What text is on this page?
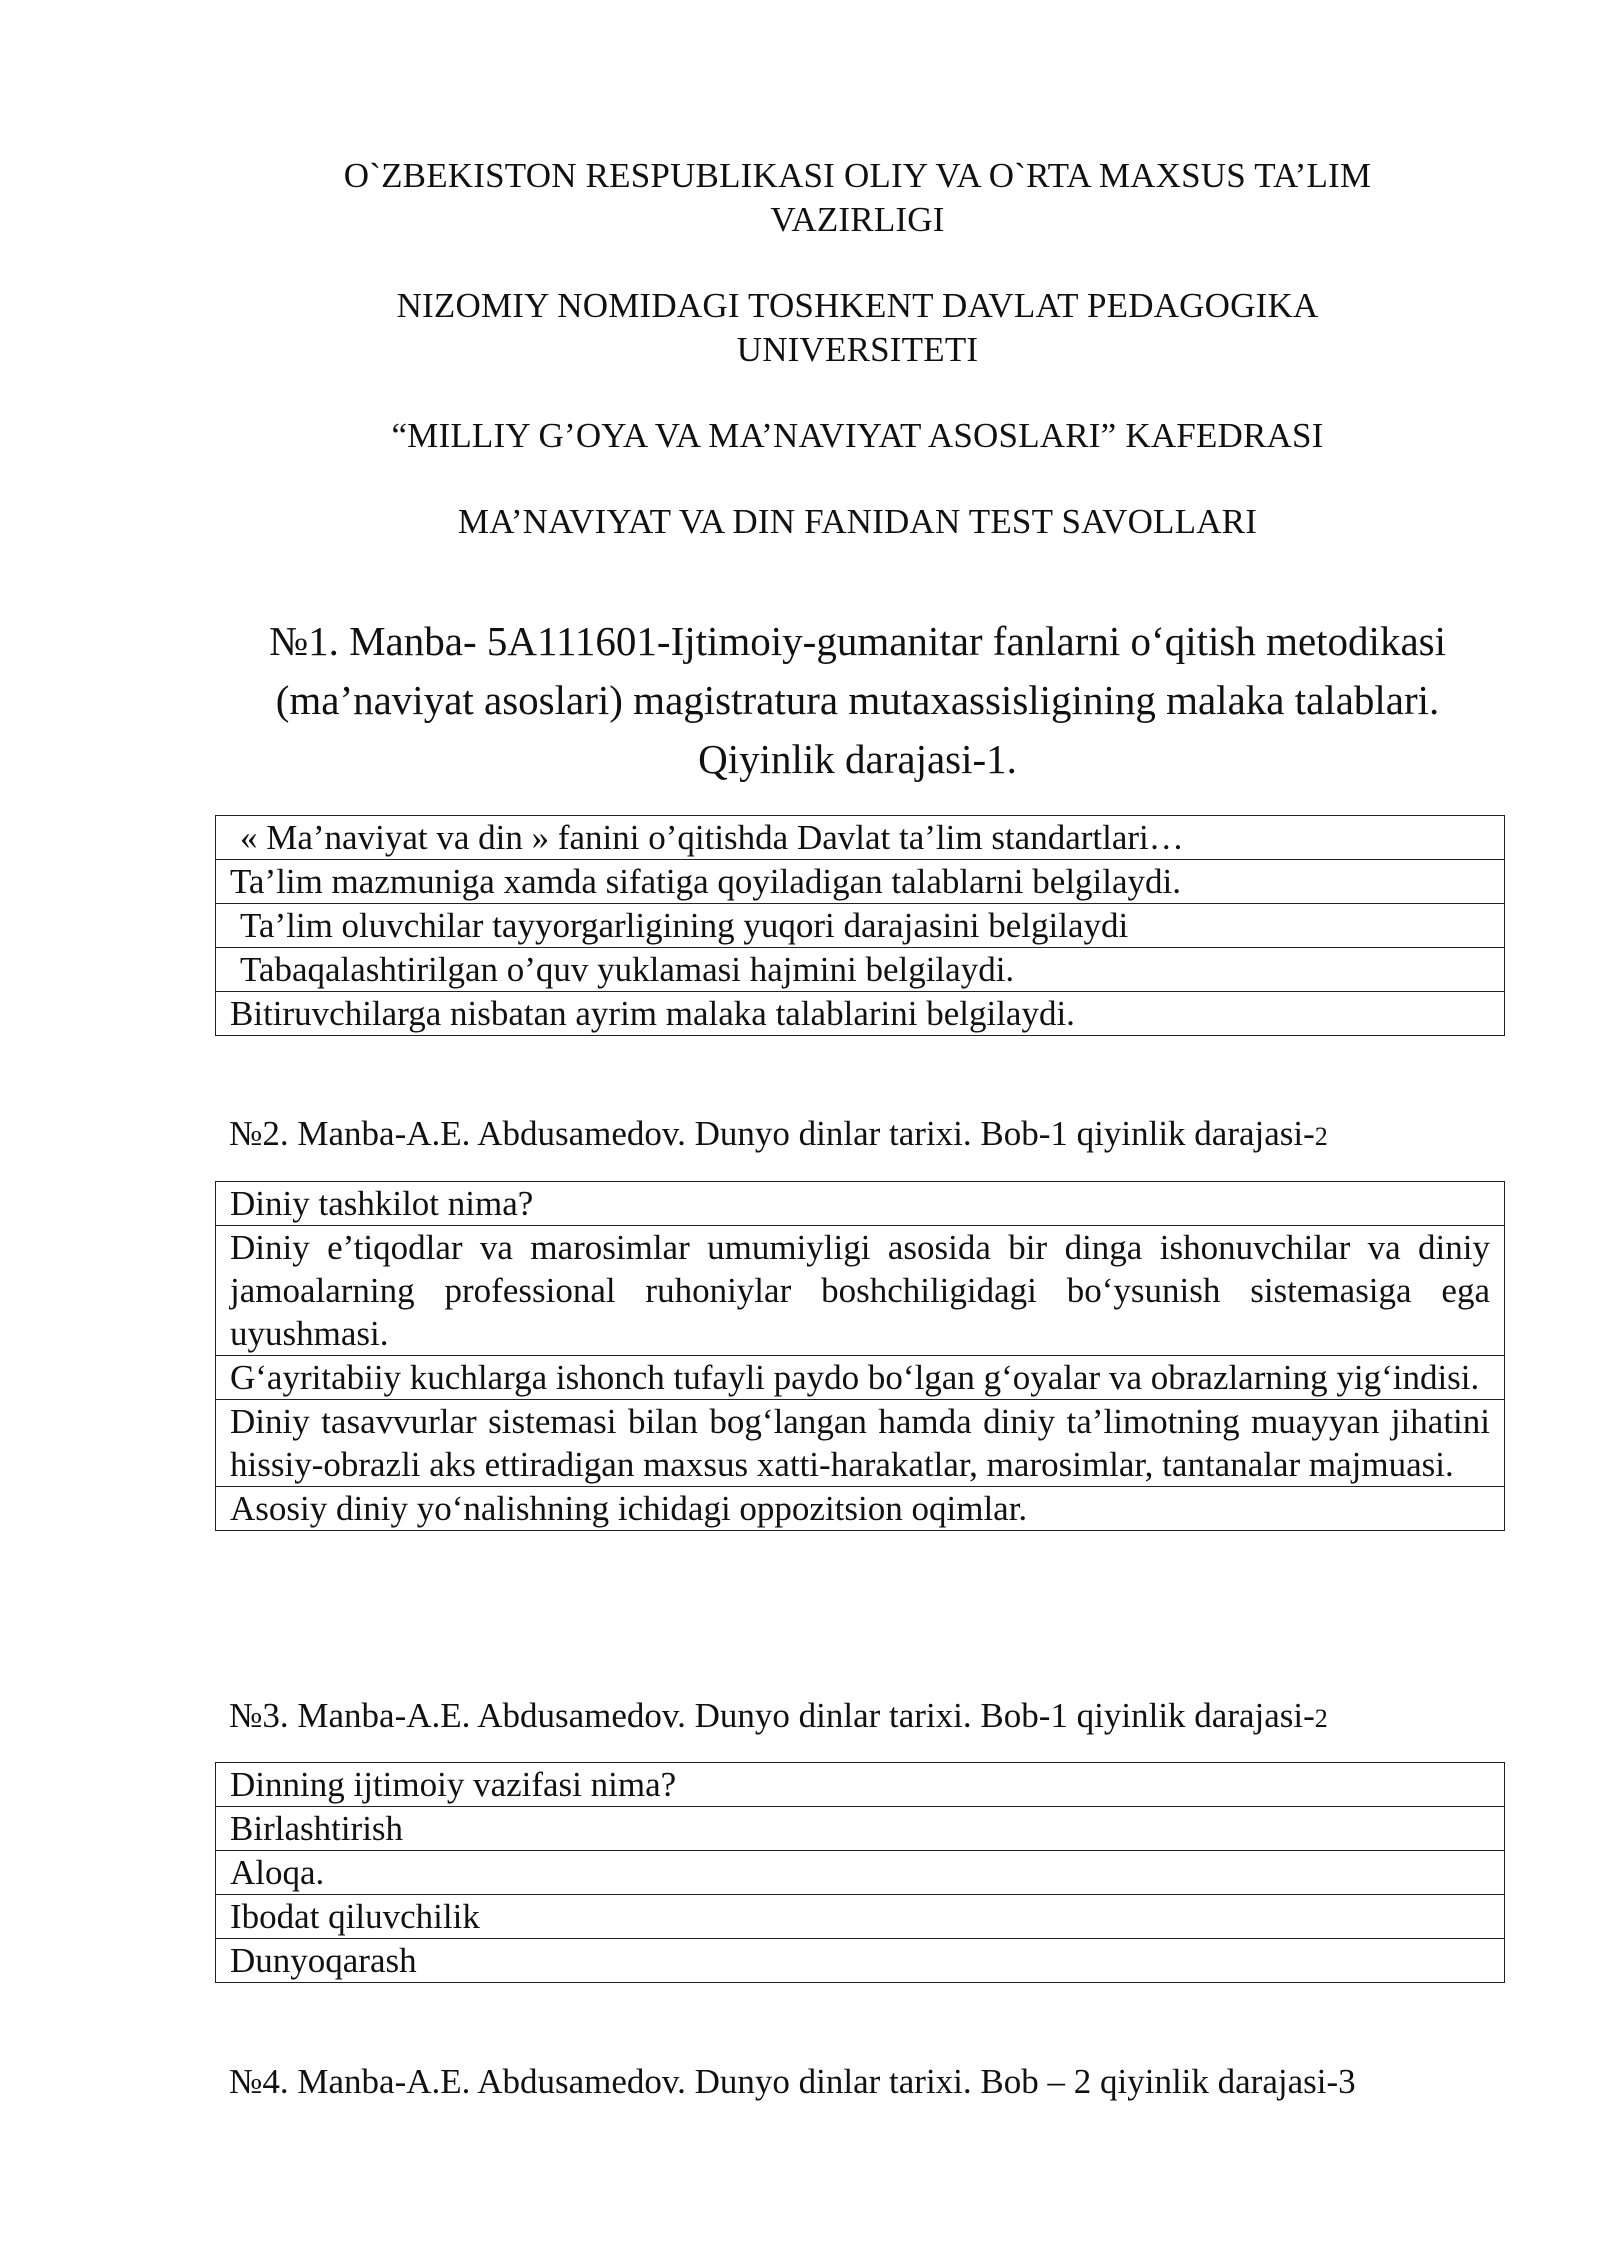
O`ZBEKISTON RESPUBLIKASI OLIY VA O`RTA MAXSUS TA’LIM
VAZIRLIGI
NIZOMIY NOMIDAGI TOSHKENT DAVLAT PEDAGOGIKA
UNIVERSITETI
“MILLIY G’OYA VA MA’NAVIYAT ASOSLARI” KAFEDRASI
MA’NAVIYAT VA DIN FANIDAN TEST SAVOLLARI
№1. Manba- 5A111601-Ijtimoiy-gumanitar fanlarni o‘qitish metodikasi
(ma’naviyat asoslari) magistratura mutaxassisligining malaka talablari.
Qiyinlik darajasi-1.
« Ma’naviyat va din » fanini o’qitishda Davlat ta’lim standartlari…
Ta’lim mazmuniga xamda sifatiga qoyiladigan talablarni belgilaydi.
Ta’lim oluvchilar tayyorgarligining yuqori darajasini belgilaydi
Tabaqalashtirilgan o’quv yuklamasi hajmini belgilaydi.
Bitiruvchilarga nisbatan ayrim malaka talablarini belgilaydi.
№2. Manba-A.E. Abdusamedov. Dunyo dinlar tarixi. Bob-1 qiyinlik darajasi-2
Diniy tashkilot nima?
Diniy e’tiqodlar va marosimlar umumiyligi asosida bir dinga ishonuvchilar va diniy jamoalarning professional ruhoniylar boshchiligidagi bo‘ysunish sistemasiga ega uyushmasi.
G‘ayritabiiy kuchlarga ishonch tufayli paydo bo‘lgan g‘oyalar va obrazlarning yig‘indisi.
Diniy tasavvurlar sistemasi bilan bog‘langan hamda diniy ta’limotning muayyan jihatini hissiy-obrazli aks ettiradigan maxsus xatti-harakatlar, marosimlar, tantanalar majmuasi.
Asosiy diniy yo‘nalishning ichidagi oppozitsion oqimlar.
№3. Manba-A.E. Abdusamedov. Dunyo dinlar tarixi. Bob-1 qiyinlik darajasi-2
Dinning ijtimoiy vazifasi nima?
Birlashtirish
Aloqa.
Ibodat qiluvchilik
Dunyoqarash
№4. Manba-A.E. Abdusamedov. Dunyo dinlar tarixi. Bob – 2 qiyinlik darajasi-3
